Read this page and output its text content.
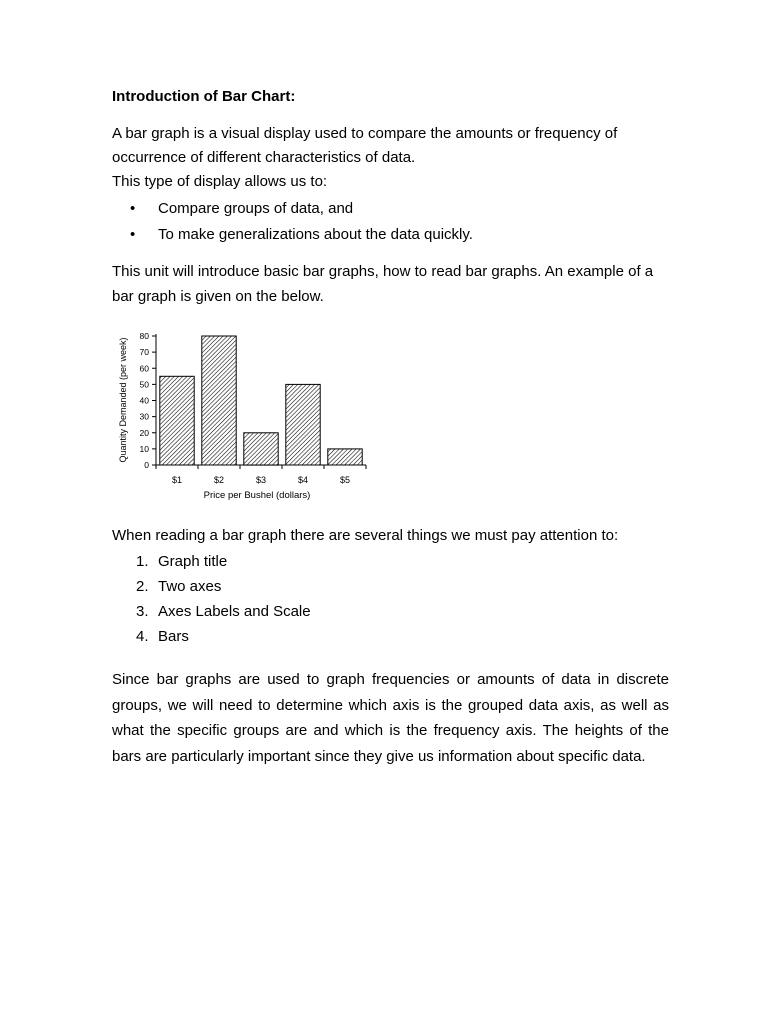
Introduction of Bar Chart:

A bar graph is a visual display used to compare the amounts or frequency of occurrence of different characteristics of data.

This type of display allows us to:

• Compare groups of data, and
• To make generalizations about the data quickly.

This unit will introduce basic bar graphs, how to read bar graphs. An example of a bar graph is given on the below.

0
10
20
30
40
50
60
70
80
$1	$2	$3	$4	$5
Price per Bushel (dollars)
Quantity Demanded (per week)

When reading a bar graph there are several things we must pay attention to:

1. Graph title
2. Two axes
3. Axes Labels and Scale
4. Bars

Since bar graphs are used to graph frequencies or amounts of data in discrete groups, we will need to determine which axis is the grouped data axis, as well as what the specific groups are and which is the frequency axis. The heights of the bars are particularly important since they give us information about specific data.
